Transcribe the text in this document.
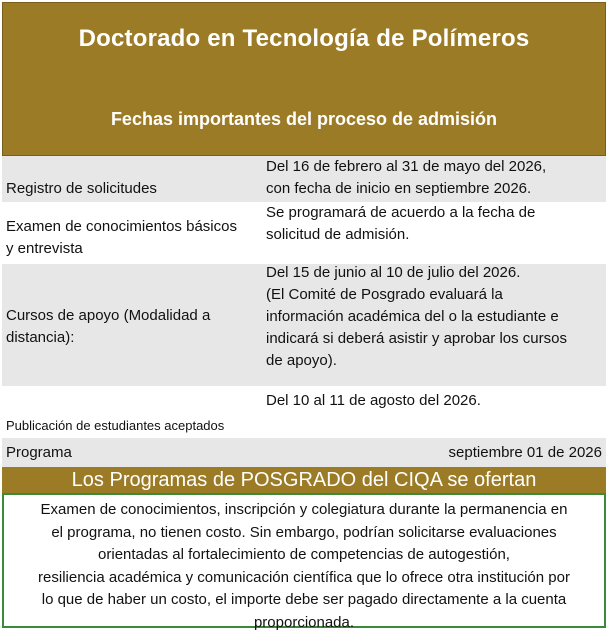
Doctorado en Tecnología de Polímeros
Fechas importantes del proceso de admisión
Registro de solicitudes
Del 16 de febrero al 31 de mayo del 2026,
con fecha de inicio en septiembre 2026.
Examen de conocimientos básicos
y entrevista
Se programará de acuerdo a la fecha de
solicitud de admisión.
Cursos de apoyo (Modalidad a
distancia):
Del 15 de junio al 10 de julio del 2026.
(El Comité de Posgrado evaluará la
información académica del o la estudiante e
indicará si deberá asistir y aprobar los cursos
de apoyo).
Publicación de estudiantes aceptados
Del 10 al 11 de agosto del 2026.
Programa	septiembre 01 de 2026
Los Programas de POSGRADO del CIQA se ofertan
Examen de conocimientos, inscripción y colegiatura durante la permanencia en
el programa, no tienen costo. Sin embargo, podrían solicitarse evaluaciones
orientadas al fortalecimiento de competencias de autogestión,
resiliencia académica y comunicación científica que lo ofrece otra institución por
lo que de haber un costo, el importe debe ser pagado directamente a la cuenta
proporcionada.
